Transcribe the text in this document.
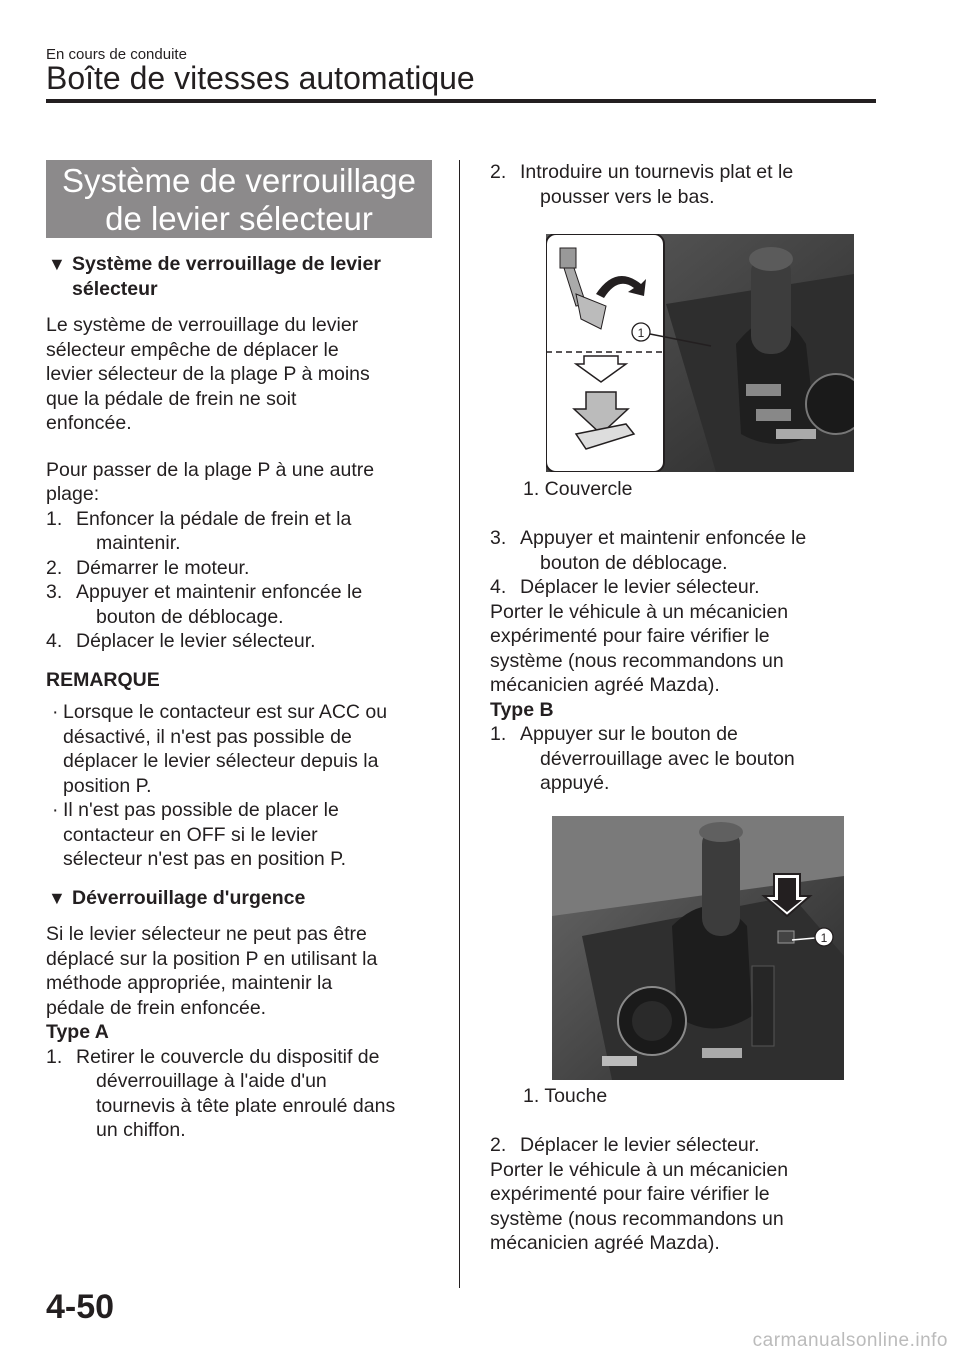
En cours de conduite
Boîte de vitesses automatique
Système de verrouillage
de levier sélecteur
▼ Système de verrouillage de levier

sélecteur

Le système de verrouillage du levier

sélecteur empêche de déplacer le

levier sélecteur de la plage P à moins

que la pédale de frein ne soit

enfoncée.

Pour passer de la plage P à une autre

plage:

1. Enfoncer la pédale de frein et la

maintenir.

2. Démarrer le moteur.

3. Appuyer et maintenir enfoncée le

bouton de déblocage.

4. Déplacer le levier sélecteur.

REMARQUE

· Lorsque le contacteur est sur ACC ou

désactivé, il n'est pas possible de

déplacer le levier sélecteur depuis la

position P.

· Il n'est pas possible de placer le

contacteur en OFF si le levier

sélecteur n'est pas en position P.

▼ Déverrouillage d'urgence

Si le levier sélecteur ne peut pas être

déplacé sur la position P en utilisant la

méthode appropriée, maintenir la

pédale de frein enfoncée.

Type A

1. Retirer le couvercle du dispositif de

déverrouillage à l'aide d'un

tournevis à tête plate enroulé dans

un chiffon.

2. Introduire un tournevis plat et le

pousser vers le bas.

1
1. Couvercle
3. Appuyer et maintenir enfoncée le

bouton de déblocage.

4. Déplacer le levier sélecteur.

Porter le véhicule à un mécanicien

expérimenté pour faire vérifier le

système (nous recommandons un

mécanicien agréé Mazda).

Type B

1. Appuyer sur le bouton de

déverrouillage avec le bouton

appuyé.

1
1. Touche
2. Déplacer le levier sélecteur.

Porter le véhicule à un mécanicien

expérimenté pour faire vérifier le

système (nous recommandons un

mécanicien agréé Mazda).

4-50
carmanualsonline.info
